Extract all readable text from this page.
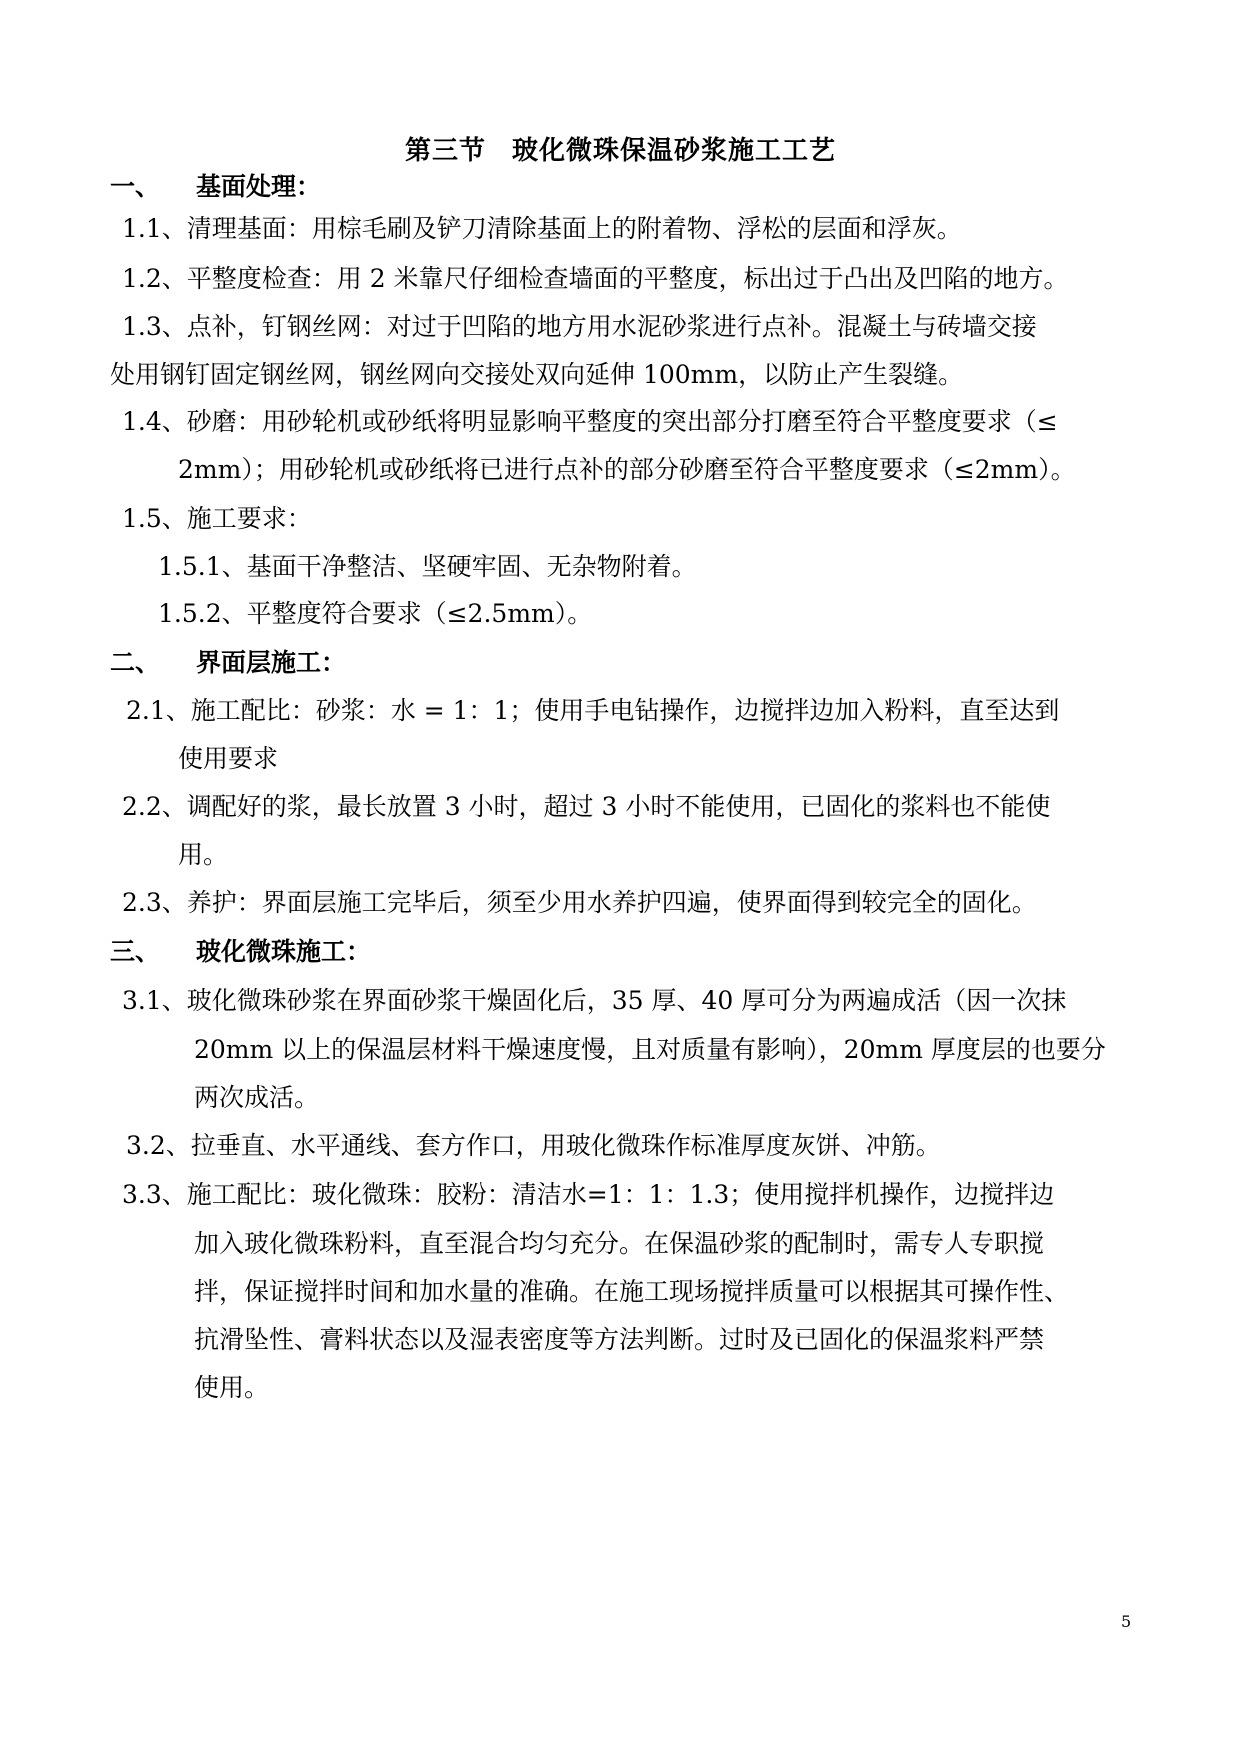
第三节 玻化微珠保温砂浆施工工艺
一、 基面处理：
1.1、清理基面：用棕毛刷及铲刀清除基面上的附着物、浮松的层面和浮灰。
1.2、平整度检查：用 2 米靠尺仔细检查墙面的平整度，标出过于凸出及凹陷的地方。
1.3、点补，钉钢丝网：对过于凹陷的地方用水泥砂浆进行点补。混凝土与砖墙交接
处用钢钉固定钢丝网，钢丝网向交接处双向延伸 100mm，以防止产生裂缝。
1.4、砂磨：用砂轮机或砂纸将明显影响平整度的突出部分打磨至符合平整度要求（≤
2mm）；用砂轮机或砂纸将已进行点补的部分砂磨至符合平整度要求（≤2mm）。
1.5、施工要求：
1.5.1、基面干净整洁、坚硬牢固、无杂物附着。
1.5.2、平整度符合要求（≤2.5mm）。
二、 界面层施工：
2.1、施工配比：砂浆：水 = 1：1；使用手电钻操作，边搅拌边加入粉料，直至达到
使用要求
2.2、调配好的浆，最长放置 3 小时，超过 3 小时不能使用，已固化的浆料也不能使
用。
2.3、养护：界面层施工完毕后，须至少用水养护四遍，使界面得到较完全的固化。
三、 玻化微珠施工：
3.1、玻化微珠砂浆在界面砂浆干燥固化后，35 厚、40 厚可分为两遍成活（因一次抹
20mm 以上的保温层材料干燥速度慢，且对质量有影响），20mm 厚度层的也要分
两次成活。
3.2、拉垂直、水平通线、套方作口，用玻化微珠作标准厚度灰饼、冲筋。
3.3、施工配比：玻化微珠：胶粉：清洁水=1：1：1.3；使用搅拌机操作，边搅拌边
加入玻化微珠粉料，直至混合均匀充分。在保温砂浆的配制时，需专人专职搅
拌，保证搅拌时间和加水量的准确。在施工现场搅拌质量可以根据其可操作性、
抗滑坠性、膏料状态以及湿表密度等方法判断。过时及已固化的保温浆料严禁
使用。
5
